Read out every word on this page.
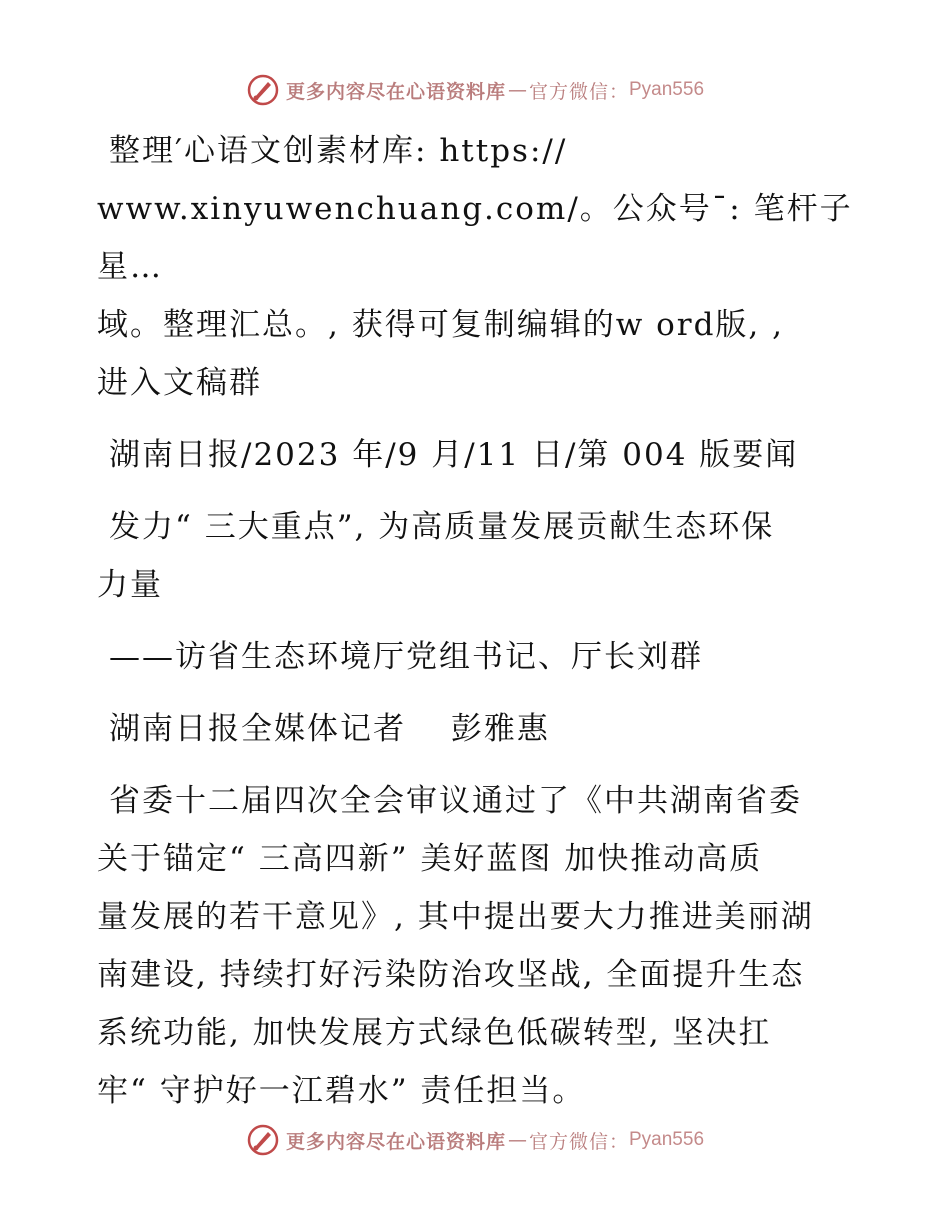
更多内容尽在心语资料库 — 官方微信： Pyan556

整理′心语文创素材库: https://

www.xinyuwenchuang.com/。公众号¯: 笔杆子星…

域。整理汇总。, 获得可复制编辑的w ord版, ,

进入文稿群

湖南日报/2023 年/9 月/11 日/第 004 版要闻

发力“ 三大重点”, 为高质量发展贡献生态环保

力量

——访省生态环境厅党组书记、厅长刘群

湖南日报全媒体记者　 彭雅惠

省委十二届四次全会审议通过了《中共湖南省委

关于锚定“ 三高四新” 美好蓝图 加快推动高质

量发展的若干意见》, 其中提出要大力推进美丽湖

南建设, 持续打好污染防治攻坚战, 全面提升生态

系统功能, 加快发展方式绿色低碳转型, 坚决扛

牢“ 守护好一江碧水” 责任担当。

更多内容尽在心语资料库 — 官方微信： Pyan556
